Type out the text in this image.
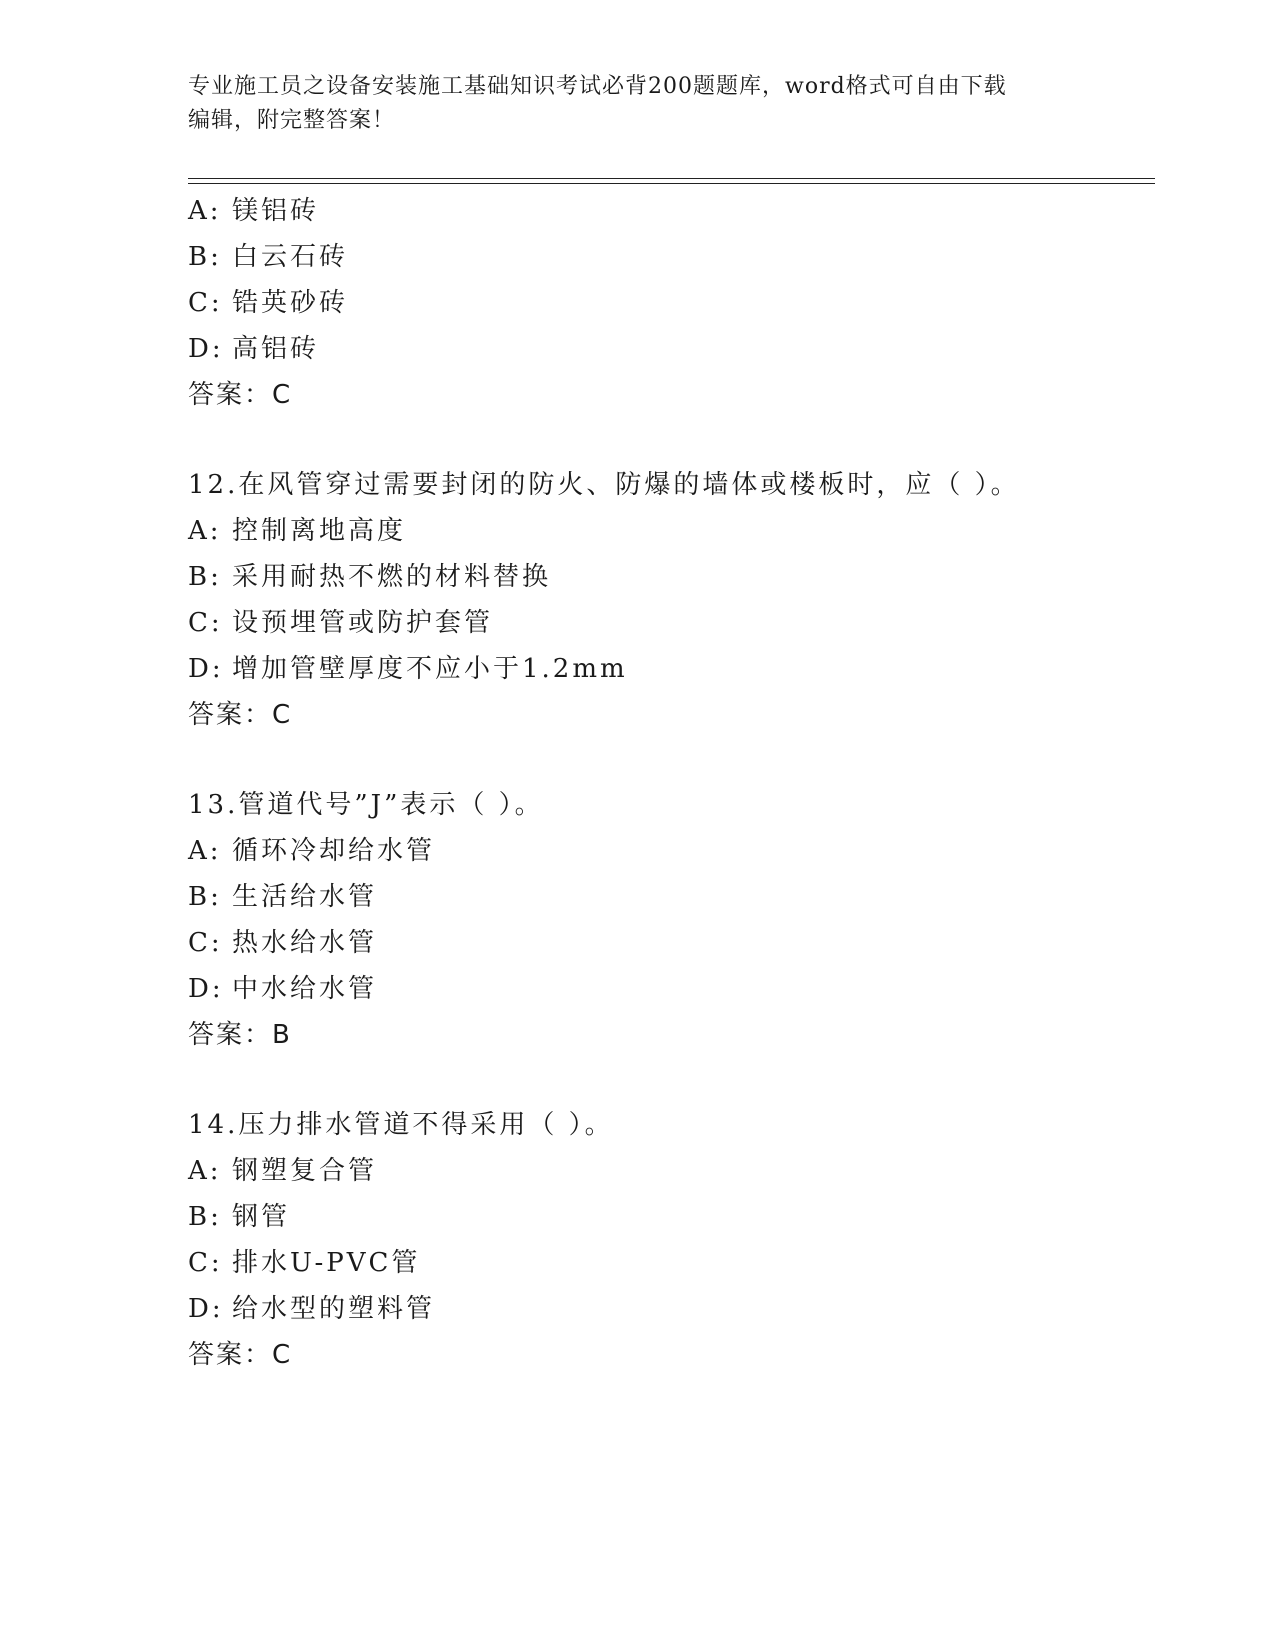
专业施工员之设备安装施工基础知识考试必背200题题库，word格式可自由下载
编辑，附完整答案！
A: 镁铝砖
B: 白云石砖
C: 锆英砂砖
D: 高铝砖
答案：C
12.在风管穿过需要封闭的防火、防爆的墙体或楼板时，应（ ）。
A: 控制离地高度
B: 采用耐热不燃的材料替换
C: 设预埋管或防护套管
D: 增加管壁厚度不应小于1.2mm
答案：C
13.管道代号”J”表示（ ）。
A: 循环冷却给水管
B: 生活给水管
C: 热水给水管
D: 中水给水管
答案：B
14.压力排水管道不得采用（ ）。
A: 钢塑复合管
B: 钢管
C: 排水U-PVC管
D: 给水型的塑料管
答案：C
